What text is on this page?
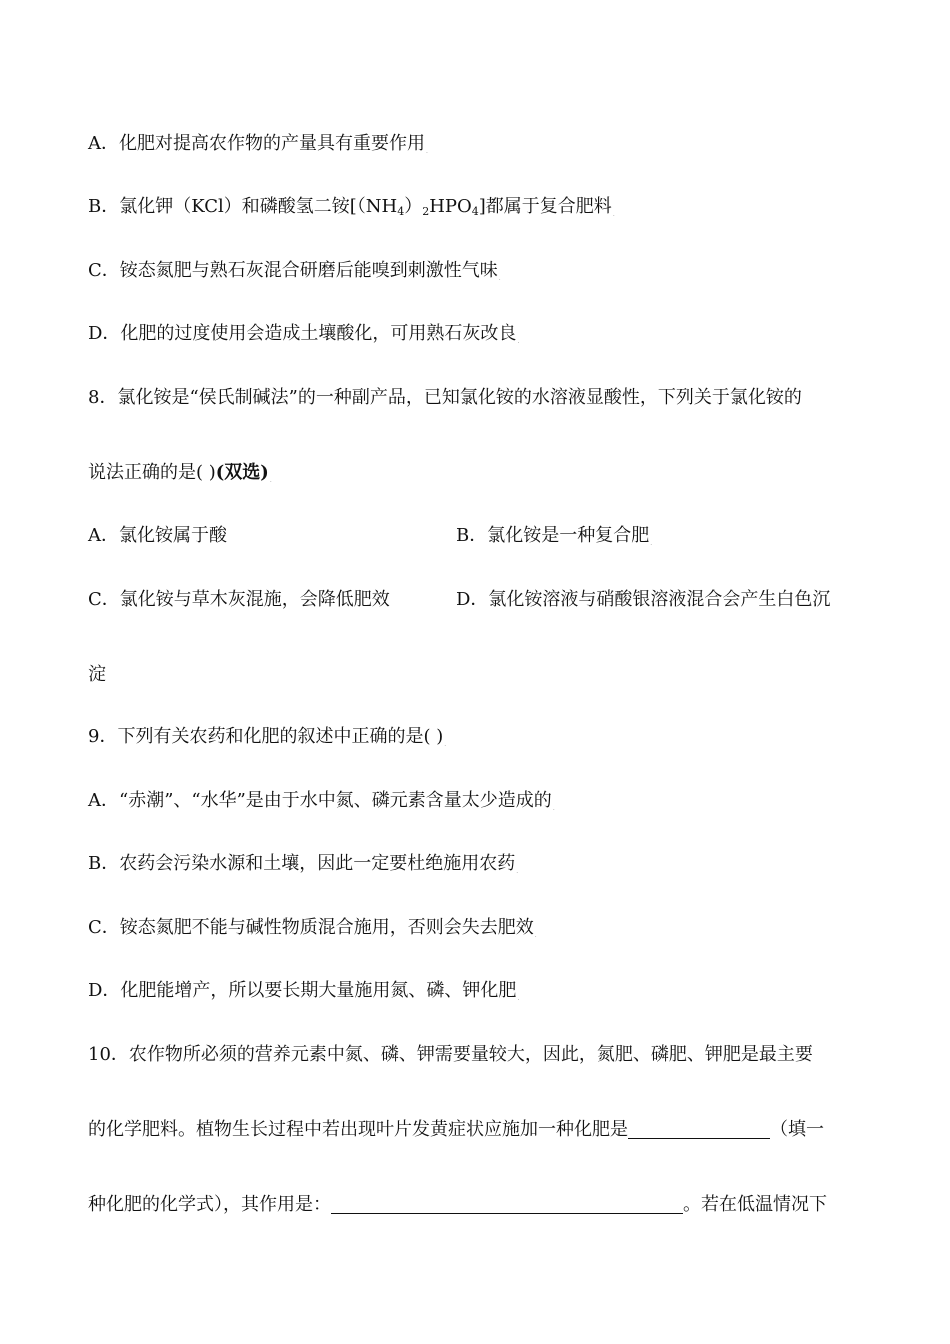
A．化肥对提高农作物的产量具有重要作用$_.$
B．氯化钾（KCl）和磷酸氢二铵$[(NH_4)_2HPO_4]$都属于复合肥料$_.$
C．铵态氮肥与熟石灰混合研磨后能嗅到刺激性气味$_.$
D．化肥的过度使用会造成土壤酸化，可用熟石灰改良$_.$
8．氯化铵是“侯氏制碱法”的一种副产品，已知氯化铵的水溶液显酸性，下列关于氯化铵的
说法正确的是( )(双选)$_.$
A．氯化铵属于酸	B．氯化铵是一种复合肥$_.$
C．氯化铵与草木灰混施，会降低肥效	D．氯化铵溶液与硝酸银溶液混合会产生白色沉
淀
9．下列有关农药和化肥的叙述中正确的是( )$_.$
A．“赤潮”、“水华”是由于水中氮、磷元素含量太少造成的$_.$
B．农药会污染水源和土壤，因此一定要杜绝施用农药$_.$
C．铵态氮肥不能与碱性物质混合施用，否则会失去肥效$_.$
D．化肥能增产，所以要长期大量施用氮、磷、钾化肥$_.$
10．农作物所必须的营养元素中氮、磷、钾需要量较大，因此，氮肥、磷肥、钾肥是最主要
的化学肥料。植物生长过程中若出现叶片发黄症状应施加一种化肥是	（填一
种化肥的化学式），其作用是：	。若在低温情况下
